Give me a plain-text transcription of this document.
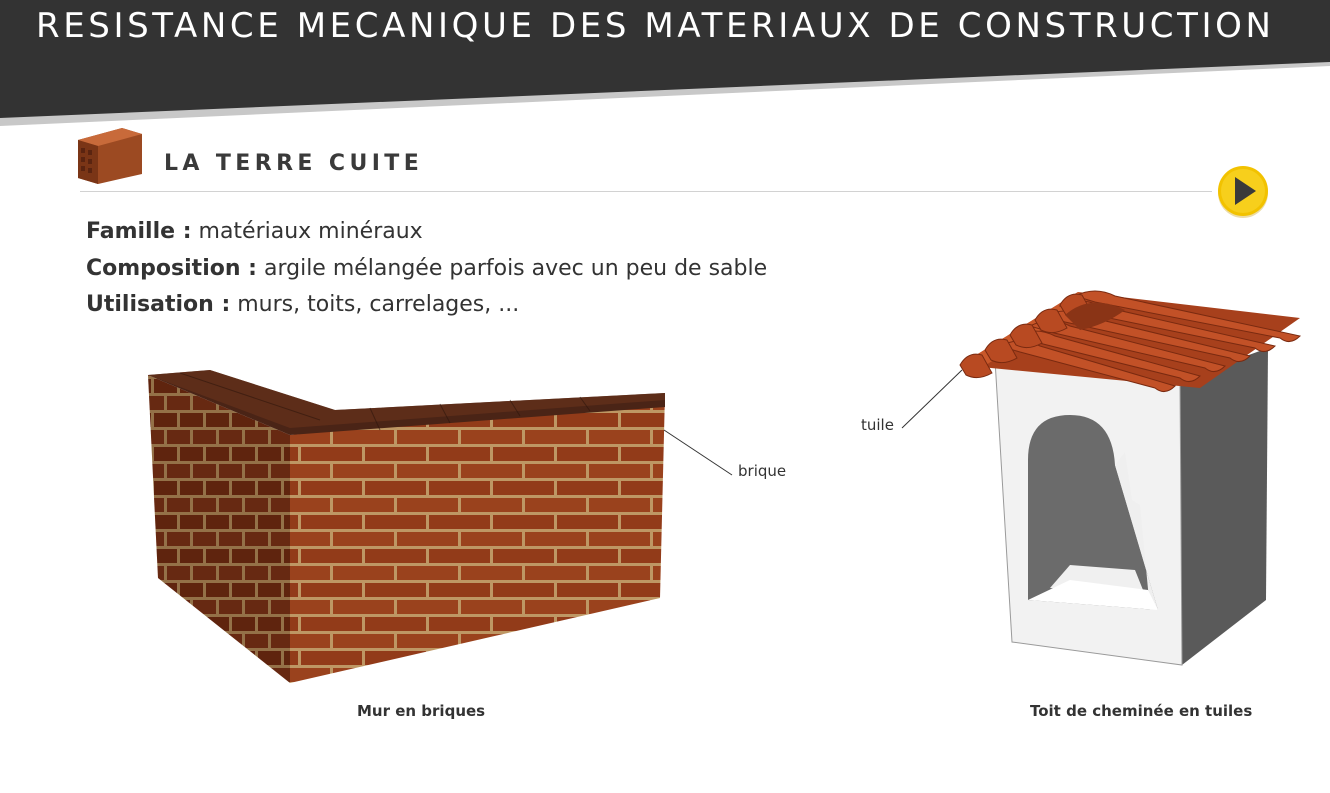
RESISTANCE MECANIQUE DES MATERIAUX DE CONSTRUCTION
LA TERRE CUITE
Famille : matériaux minéraux
Composition : argile mélangée parfois avec un peu de sable
Utilisation : murs, toits, carrelages, ...
brique
Mur en briques
tuile
Toit de cheminée en tuiles
